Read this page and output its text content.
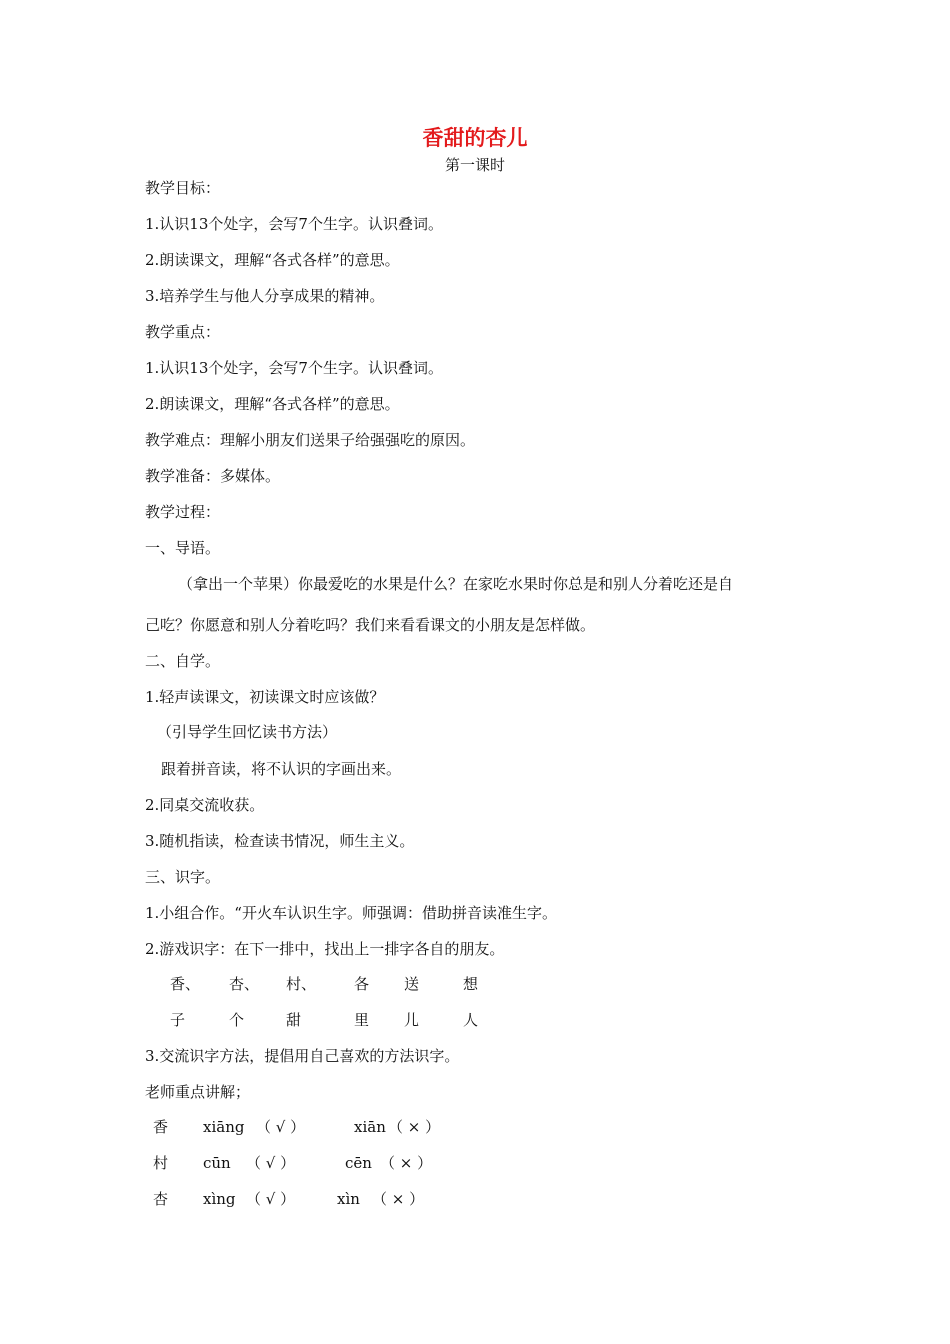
香甜的杏儿
第一课时
教学目标：
1.认识13个处字，会写7个生字。认识叠词。
2.朗读课文，理解“各式各样”的意思。
3.培养学生与他人分享成果的精神。
教学重点：
1.认识13个处字，会写7个生字。认识叠词。
2.朗读课文，理解“各式各样”的意思。
教学难点：理解小朋友们送果子给强强吃的原因。
教学准备：多媒体。
教学过程：
一、导语。
（拿出一个苹果）你最爱吃的水果是什么？在家吃水果时你总是和别人分着吃还是自
己吃？你愿意和别人分着吃吗？我们来看看课文的小朋友是怎样做。
二、自学。
1.轻声读课文，初读课文时应该做？
（引导学生回忆读书方法）
跟着拼音读，将不认识的字画出来。
2.同桌交流收获。
3.随机指读，检查读书情况，师生主义。
三、识字。
1.小组合作。“开火车认识生字。师强调：借助拼音读准生字。
2.游戏识字：在下一排中，找出上一排字各自的朋友。
香、 杏、 村、	各 送	想
子	个	甜	里 儿	人
3.交流识字方法，提倡用自己喜欢的方法识字。
老师重点讲解；
香 xiāng （ √ ）	xiān （ × ）
村 cūn （ √ ）	cēn （ × ）
杏 xìng （ √ ）	xìn （ × ）
